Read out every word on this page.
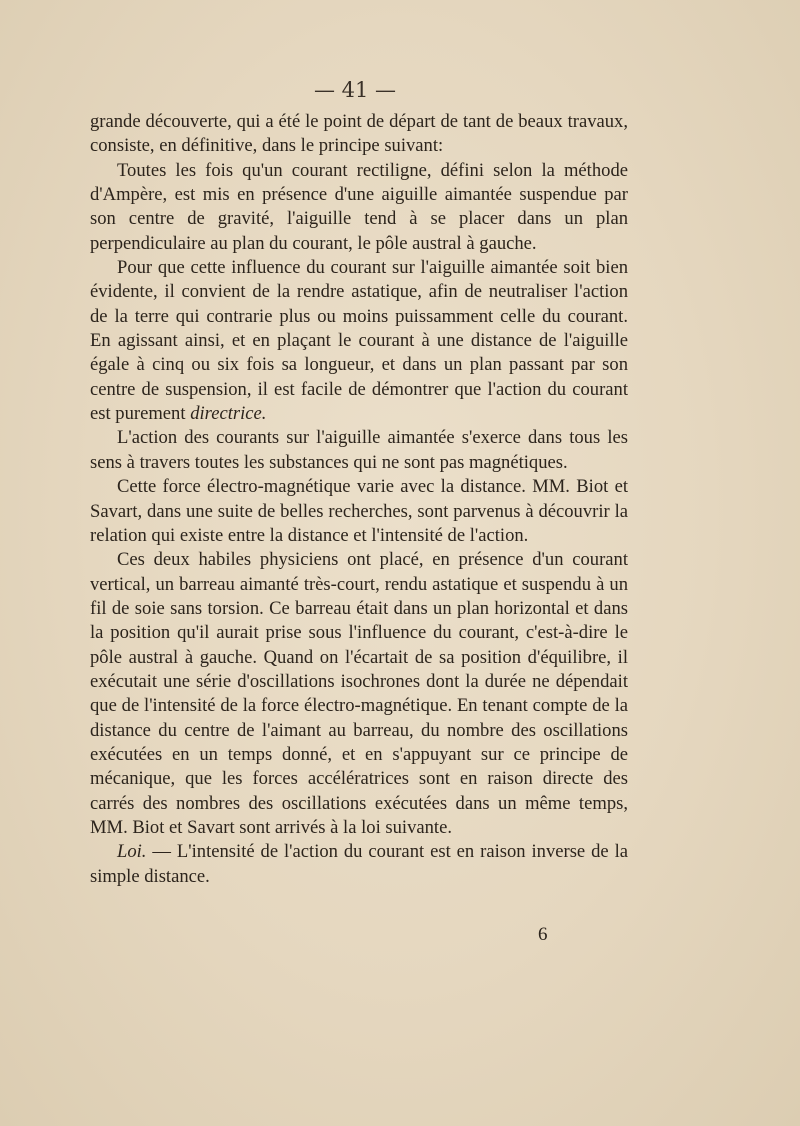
— 41 —

grande découverte, qui a été le point de départ de tant de beaux travaux, consiste, en définitive, dans le principe suivant:

Toutes les fois qu'un courant rectiligne, défini selon la méthode d'Ampère, est mis en présence d'une aiguille aimantée suspendue par son centre de gravité, l'aiguille tend à se placer dans un plan perpendiculaire au plan du courant, le pôle austral à gauche.

Pour que cette influence du courant sur l'aiguille aimantée soit bien évidente, il convient de la rendre astatique, afin de neutraliser l'action de la terre qui contrarie plus ou moins puissamment celle du courant. En agissant ainsi, et en plaçant le courant à une distance de l'aiguille égale à cinq ou six fois sa longueur, et dans un plan passant par son centre de suspension, il est facile de démontrer que l'action du courant est purement directrice.

L'action des courants sur l'aiguille aimantée s'exerce dans tous les sens à travers toutes les substances qui ne sont pas magnétiques.

Cette force électro-magnétique varie avec la distance. MM. Biot et Savart, dans une suite de belles recherches, sont parvenus à découvrir la relation qui existe entre la distance et l'intensité de l'action.

Ces deux habiles physiciens ont placé, en présence d'un courant vertical, un barreau aimanté très-court, rendu astatique et suspendu à un fil de soie sans torsion. Ce barreau était dans un plan horizontal et dans la position qu'il aurait prise sous l'influence du courant, c'est-à-dire le pôle austral à gauche. Quand on l'écartait de sa position d'équilibre, il exécutait une série d'oscillations isochrones dont la durée ne dépendait que de l'intensité de la force électro-magnétique. En tenant compte de la distance du centre de l'aimant au barreau, du nombre des oscillations exécutées en un temps donné, et en s'appuyant sur ce principe de mécanique, que les forces accélératrices sont en raison directe des carrés des nombres des oscillations exécutées dans un même temps, MM. Biot et Savart sont arrivés à la loi suivante.

Loi. — L'intensité de l'action du courant est en raison inverse de la simple distance.

6
